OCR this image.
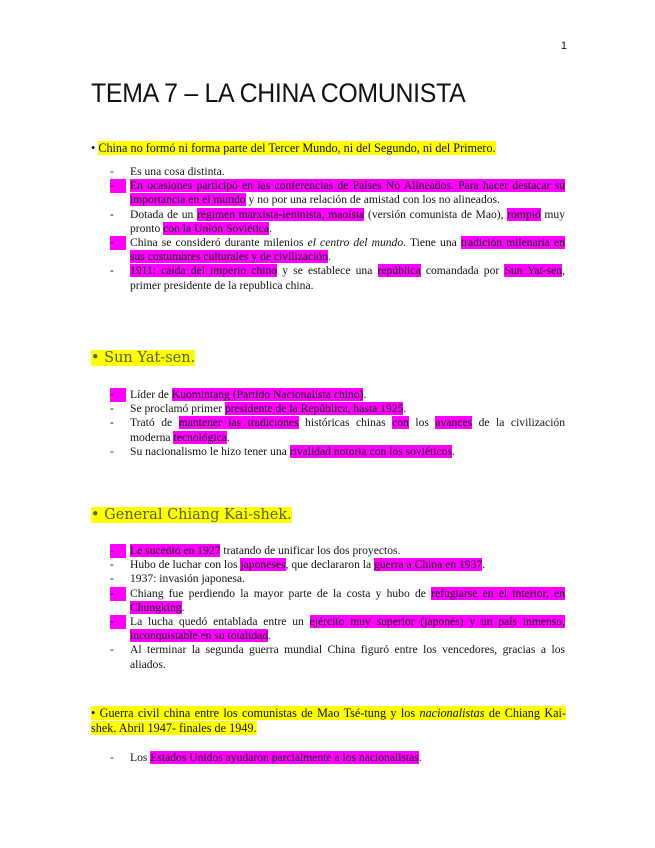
1
TEMA 7 – LA CHINA COMUNISTA
• China no formó ni forma parte del Tercer Mundo, ni del Segundo, ni del Primero.
- Es una cosa distinta.
- En ocasiones participó en las conferencias de Países No Alineados. Para hacer destacar su importancia en el mundo y no por una relación de amistad con los no alineados.
- Dotada de un régimen marxista-leninista, maoísta (versión comunista de Mao), rompió muy pronto con la Unión Soviética.
- China se consideró durante milenios el centro del mundo. Tiene una tradición milenaria en sus costumbres culturales y de civilización.
- 1911: caída del imperio chino y se establece una república comandada por Sun Yat-sen, primer presidente de la republica china.
• Sun Yat-sen.
- Líder de Kuomintang (Partido Nacionalista chino).
- Se proclamó primer presidente de la República, hasta 1925.
- Trató de mantener las tradiciones históricas chinas con los avances de la civilización moderna tecnológica.
- Su nacionalismo le hizo tener una rivalidad notoria con los soviéticos.
• General Chiang Kai-shek.
- Le sucedió en 1927 tratando de unificar los dos proyectos.
- Hubo de luchar con los japoneses, que declararon la guerra a China en 1937.
- 1937: invasión japonesa.
- Chiang fue perdiendo la mayor parte de la costa y hubo de refugiarse en el interior, en Chungking.
- La lucha quedó entablada entre un ejército muy superior (japonés) y un país inmenso, inconquistable en su totalidad.
- Al terminar la segunda guerra mundial China figuró entre los vencedores, gracias a los aliados.
• Guerra civil china entre los comunistas de Mao Tsé-tung y los nacionalistas de Chiang Kai-shek. Abril 1947- finales de 1949.
- Los Estados Unidos ayudaron parcialmente a los nacionalistas.
